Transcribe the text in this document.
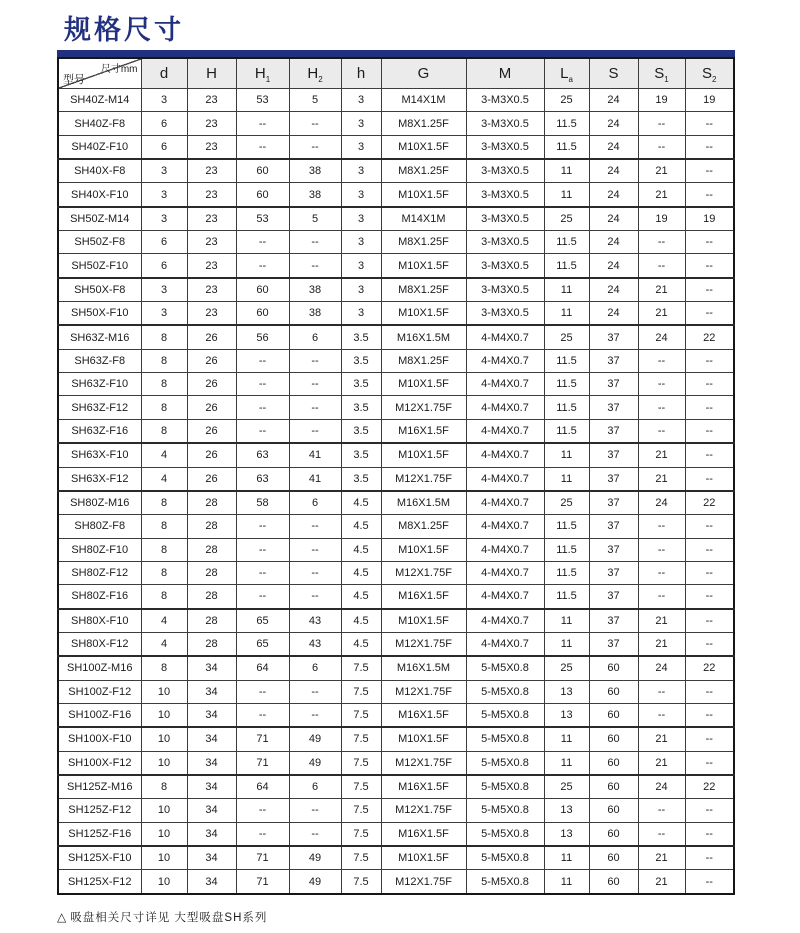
规格尺寸
尺寸mm
型号	d	H	$H_1$	$H_2$	h	G	M	$L_a$	S	$S_1$	$S_2$
SH40Z-M14	3	23	53	5	3	M14X1M	3-M3X0.5	25	24	19	19
SH40Z-F8	6	23	--	--	3	M8X1.25F	3-M3X0.5	11.5	24	--	--
SH40Z-F10	6	23	--	--	3	M10X1.5F	3-M3X0.5	11.5	24	--	--
SH40X-F8	3	23	60	38	3	M8X1.25F	3-M3X0.5	11	24	21	--
SH40X-F10	3	23	60	38	3	M10X1.5F	3-M3X0.5	11	24	21	--
SH50Z-M14	3	23	53	5	3	M14X1M	3-M3X0.5	25	24	19	19
SH50Z-F8	6	23	--	--	3	M8X1.25F	3-M3X0.5	11.5	24	--	--
SH50Z-F10	6	23	--	--	3	M10X1.5F	3-M3X0.5	11.5	24	--	--
SH50X-F8	3	23	60	38	3	M8X1.25F	3-M3X0.5	11	24	21	--
SH50X-F10	3	23	60	38	3	M10X1.5F	3-M3X0.5	11	24	21	--
SH63Z-M16	8	26	56	6	3.5	M16X1.5M	4-M4X0.7	25	37	24	22
SH63Z-F8	8	26	--	--	3.5	M8X1.25F	4-M4X0.7	11.5	37	--	--
SH63Z-F10	8	26	--	--	3.5	M10X1.5F	4-M4X0.7	11.5	37	--	--
SH63Z-F12	8	26	--	--	3.5	M12X1.75F	4-M4X0.7	11.5	37	--	--
SH63Z-F16	8	26	--	--	3.5	M16X1.5F	4-M4X0.7	11.5	37	--	--
SH63X-F10	4	26	63	41	3.5	M10X1.5F	4-M4X0.7	11	37	21	--
SH63X-F12	4	26	63	41	3.5	M12X1.75F	4-M4X0.7	11	37	21	--
SH80Z-M16	8	28	58	6	4.5	M16X1.5M	4-M4X0.7	25	37	24	22
SH80Z-F8	8	28	--	--	4.5	M8X1.25F	4-M4X0.7	11.5	37	--	--
SH80Z-F10	8	28	--	--	4.5	M10X1.5F	4-M4X0.7	11.5	37	--	--
SH80Z-F12	8	28	--	--	4.5	M12X1.75F	4-M4X0.7	11.5	37	--	--
SH80Z-F16	8	28	--	--	4.5	M16X1.5F	4-M4X0.7	11.5	37	--	--
SH80X-F10	4	28	65	43	4.5	M10X1.5F	4-M4X0.7	11	37	21	--
SH80X-F12	4	28	65	43	4.5	M12X1.75F	4-M4X0.7	11	37	21	--
SH100Z-M16	8	34	64	6	7.5	M16X1.5M	5-M5X0.8	25	60	24	22
SH100Z-F12	10	34	--	--	7.5	M12X1.75F	5-M5X0.8	13	60	--	--
SH100Z-F16	10	34	--	--	7.5	M16X1.5F	5-M5X0.8	13	60	--	--
SH100X-F10	10	34	71	49	7.5	M10X1.5F	5-M5X0.8	11	60	21	--
SH100X-F12	10	34	71	49	7.5	M12X1.75F	5-M5X0.8	11	60	21	--
SH125Z-M16	8	34	64	6	7.5	M16X1.5F	5-M5X0.8	25	60	24	22
SH125Z-F12	10	34	--	--	7.5	M12X1.75F	5-M5X0.8	13	60	--	--
SH125Z-F16	10	34	--	--	7.5	M16X1.5F	5-M5X0.8	13	60	--	--
SH125X-F10	10	34	71	49	7.5	M10X1.5F	5-M5X0.8	11	60	21	--
SH125X-F12	10	34	71	49	7.5	M12X1.75F	5-M5X0.8	11	60	21	--
△ 吸盘相关尺寸详见 大型吸盘SH系列
